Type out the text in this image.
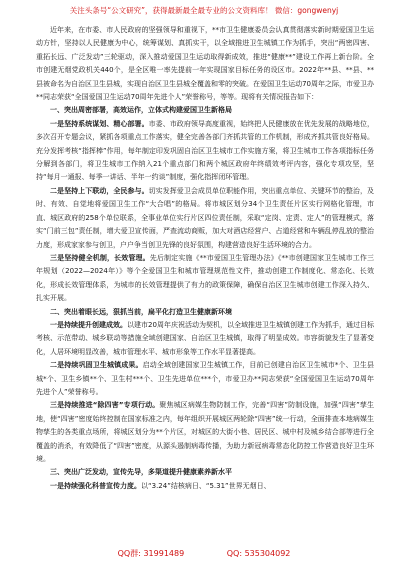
关注头条号“公文研究”，获得最新最全最专业的公文资料库！ 微信：gongwenyj

近年来，在市委、市人民政府的坚强领导和重视下，**市卫生健康委员会认真贯彻落实新时期爱国卫生运动方针，坚持以人民健康为中心，统筹谋划、真抓实干，以全域推进卫生城镇工作为抓手，突出“两密四害、重拓长远、广泛发动”三轮驱动，深入推动爱国卫生运动取得新成效，推进“健康**”建设工作再上新台阶。全市创建无烟党政机关440个，是全区唯一率先提前一年实现国家目标任务的设区市。2022年**县、**县、**县被命名为自治区卫生县城，实现自治区卫生县城全覆盖和零的突破。在爱国卫生运动70周年之际，市爱卫办**同志荣获“全国爱国卫生运动70周年先进个人”荣誉称号，等等。现将有关情况报告如下：

一、突出周密部署，高效运作，立体式构建爱国卫生新格局

一是坚持系统谋划、精心部署。市委、市政府领导高度重视，始终把人民健康放在优先发展的战略地位，多次召开专题会议，紧抓各项重点工作落实，健全完善各部门齐抓共管的工作机制，形成齐抓共管良好格局。充分发挥考核“指挥棒”作用，每年制定印发巩固自治区卫生城市工作实施方案，将卫生城市工作各项指标任务分解到各部门，将卫生城市工作纳入21个重点部门和两个城区政府年终绩效考评内容，强化专项攻坚，坚持“每月一通报、每季一讲话、半年一约谈”制度，强化指挥闭环管理。

二是坚持上下联动，全民参与。切实发挥爱卫会成员单位职能作用，突出重点单位、关键环节的整治，及时、有效、自觉地将爱国卫生工作“大合唱”的格局。将市城区划分34个卫生责任片区实行网格化管理，市直、城区政府的258个单位联系，全事业单位实行片区四位责任制，采取“定岗、定责、定人”的管理模式，落实“门前三包”责任制，增大爱卫宣传面，严查流动商贩，加大对酒店经营户、占道经营和车辆乱停乱放的整治力度，形成家家参与创卫，户户争当创卫先锋的良好氛围，构建营造良好生活环境的合力。

三是坚持健全机制，长效管理。先后制定实施《**市爱国卫生管理办法》《**市创建国家卫生城市工作三年规划（2022—2024年）》等个全爱国卫生和城市管理规范性文件，推动创建工作制度化、常态化、长效化，形成长效管理体系，为城市的长效管理提供了有力的政策保障，确保自治区卫生城市创建工作深入持久、扎实开展。

二、突出着眼长远，狠抓当前，扁平化打造卫生健康新环境

一是持续提升创建成效。以建市20周年庆祝活动为契机，以全域推进卫生城镇创建工作为抓手，通过目标考核、示范带动、城乡联动等措施全域创建国家、自治区卫生城镇，取得了明显成效。市容街貌发生了显著变化，人居环境明显改善，城市管理水平、城市形象等工作水平显著提高。

二是持续巩固卫生城镇成果。启动全域创建国家卫生城镇工作，目前已创建自治区卫生城市*个、卫生县城*个、卫生乡镇**个、卫生村***个、卫生先进单位***个，市爱卫办**同志荣获“全国爱国卫生运动70周年先进个人”荣誉称号。

三是持续推进“除四害”专项行动。聚焦城区病媒生物防制工作，完善“四害”防制设施，加强“四害”孳生地，使“四害”密度始终控制在国家标准之内，每年组织开展城区两轮除“四害”统一行动，全面排查本地病媒生物孳生的各类重点场所，将城区划分为**个片区，对城区的大街小巷、居民区、城中村及城乡结合部等进行全覆盖的消杀，有效降低了“四害”密度，从源头遏制病毒传播，为助力新冠病毒常态化防控工作营造良好卫生环境。

三、突出广泛发动，宣传先导，多渠道提升健康素养新水平

一是持续强化科普宣传力度。以“3.24”结核病日、“5.31”世界无烟日、

QQ群: 31991489	QQ: 535304092
